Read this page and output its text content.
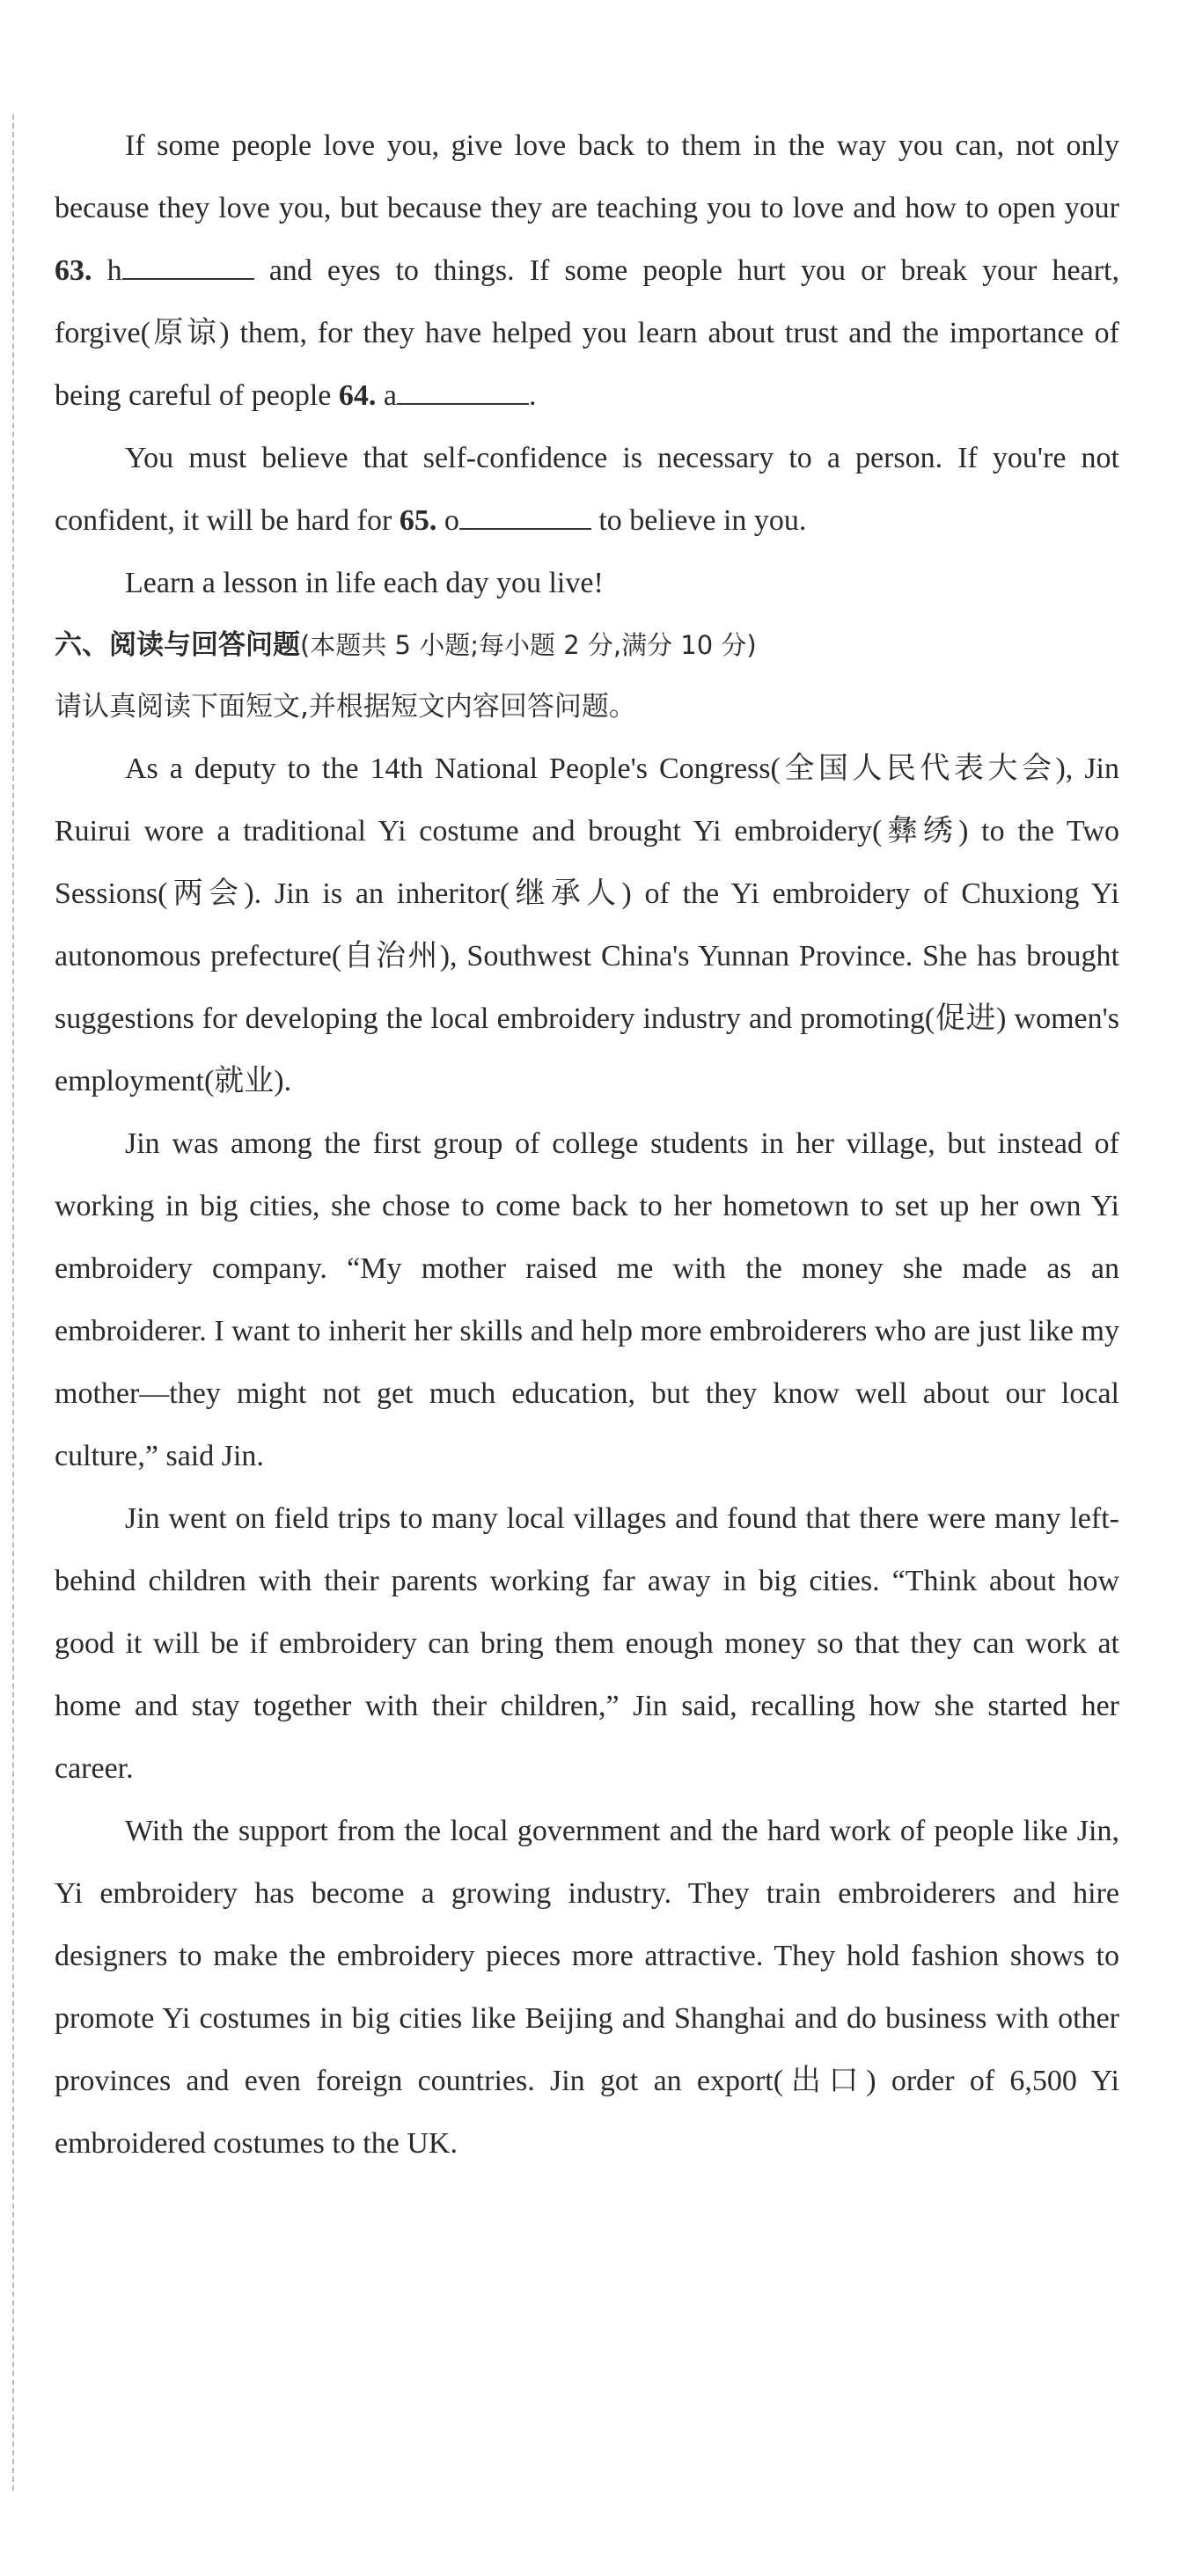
If some people love you, give love back to them in the way you can, not only because they love you, but because they are teaching you to love and how to open your 63. h	and eyes to things. If some people hurt you or break your heart, forgive(原谅) them, for they have helped you learn about trust and the importance of being careful of people 64. a	.

You must believe that self-confidence is necessary to a person. If you're not confident, it will be hard for 65. o	to believe in you.

Learn a lesson in life each day you live!

六、阅读与回答问题(本题共 5 小题;每小题 2 分,满分 10 分)

请认真阅读下面短文,并根据短文内容回答问题。

As a deputy to the 14th National People's Congress(全国人民代表大会), Jin Ruirui wore a traditional Yi costume and brought Yi embroidery(彝绣) to the Two Sessions(两会). Jin is an inheritor(继承人) of the Yi embroidery of Chuxiong Yi autonomous prefecture(自治州), Southwest China's Yunnan Province. She has brought suggestions for developing the local embroidery industry and promoting(促进) women's employment(就业).

Jin was among the first group of college students in her village, but instead of working in big cities, she chose to come back to her hometown to set up her own Yi embroidery company. “My mother raised me with the money she made as an embroiderer. I want to inherit her skills and help more embroiderers who are just like my mother—they might not get much education, but they know well about our local culture,” said Jin.

Jin went on field trips to many local villages and found that there were many left-behind children with their parents working far away in big cities. “Think about how good it will be if embroidery can bring them enough money so that they can work at home and stay together with their children,” Jin said, recalling how she started her career.

With the support from the local government and the hard work of people like Jin, Yi embroidery has become a growing industry. They train embroiderers and hire designers to make the embroidery pieces more attractive. They hold fashion shows to promote Yi costumes in big cities like Beijing and Shanghai and do business with other provinces and even foreign countries. Jin got an export(出口) order of 6,500 Yi embroidered costumes to the UK.
